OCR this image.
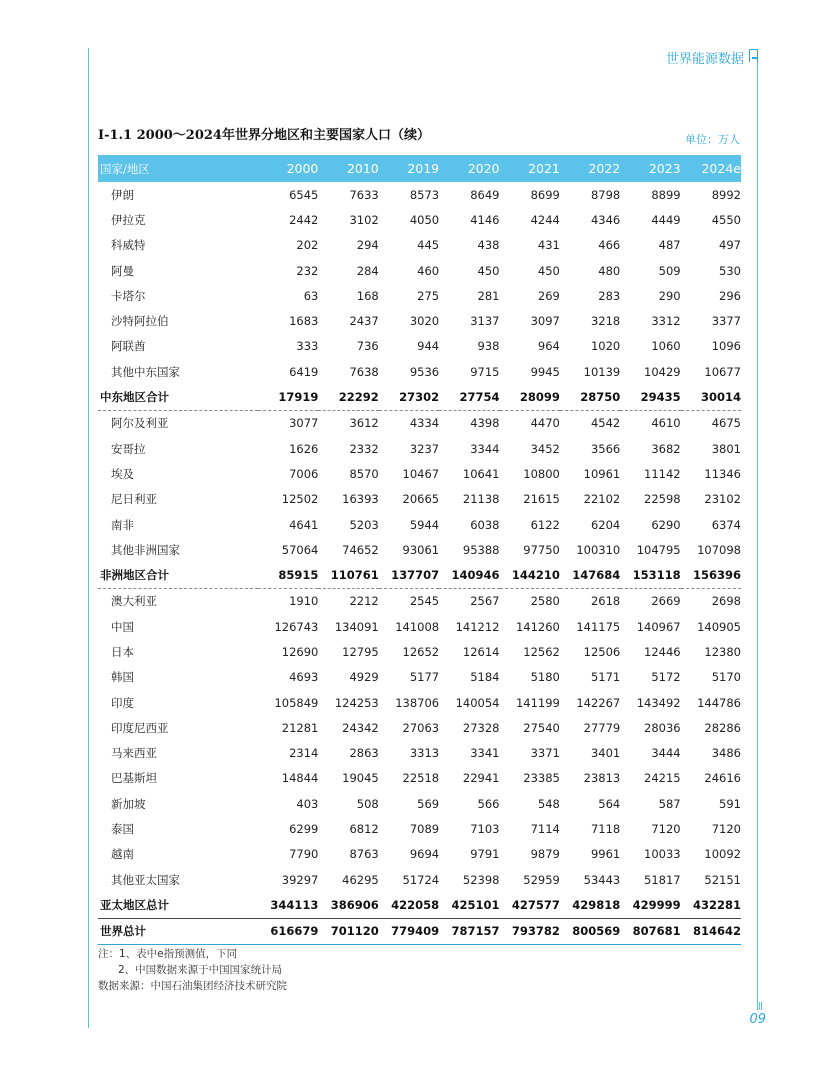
世界能源数据
I-1.1 2000～2024年世界分地区和主要国家人口（续）	单位：万人
国家/地区	2000	2010	2019	2020	2021	2022	2023	2024e
伊朗	6545	7633	8573	8649	8699	8798	8899	8992
伊拉克	2442	3102	4050	4146	4244	4346	4449	4550
科威特	202	294	445	438	431	466	487	497
阿曼	232	284	460	450	450	480	509	530
卡塔尔	63	168	275	281	269	283	290	296
沙特阿拉伯	1683	2437	3020	3137	3097	3218	3312	3377
阿联酋	333	736	944	938	964	1020	1060	1096
其他中东国家	6419	7638	9536	9715	9945	10139	10429	10677
中东地区合计	17919	22292	27302	27754	28099	28750	29435	30014
阿尔及利亚	3077	3612	4334	4398	4470	4542	4610	4675
安哥拉	1626	2332	3237	3344	3452	3566	3682	3801
埃及	7006	8570	10467	10641	10800	10961	11142	11346
尼日利亚	12502	16393	20665	21138	21615	22102	22598	23102
南非	4641	5203	5944	6038	6122	6204	6290	6374
其他非洲国家	57064	74652	93061	95388	97750	100310	104795	107098
非洲地区合计	85915	110761	137707	140946	144210	147684	153118	156396
澳大利亚	1910	2212	2545	2567	2580	2618	2669	2698
中国	126743	134091	141008	141212	141260	141175	140967	140905
日本	12690	12795	12652	12614	12562	12506	12446	12380
韩国	4693	4929	5177	5184	5180	5171	5172	5170
印度	105849	124253	138706	140054	141199	142267	143492	144786
印度尼西亚	21281	24342	27063	27328	27540	27779	28036	28286
马来西亚	2314	2863	3313	3341	3371	3401	3444	3486
巴基斯坦	14844	19045	22518	22941	23385	23813	24215	24616
新加坡	403	508	569	566	548	564	587	591
泰国	6299	6812	7089	7103	7114	7118	7120	7120
越南	7790	8763	9694	9791	9879	9961	10033	10092
其他亚太国家	39297	46295	51724	52398	52959	53443	51817	52151
亚太地区总计	344113	386906	422058	425101	427577	429818	429999	432281
世界总计	616679	701120	779409	787157	793782	800569	807681	814642
注：1、表中e指预测值，下同
2、中国数据来源于中国国家统计局
数据来源：中国石油集团经济技术研究院
09
